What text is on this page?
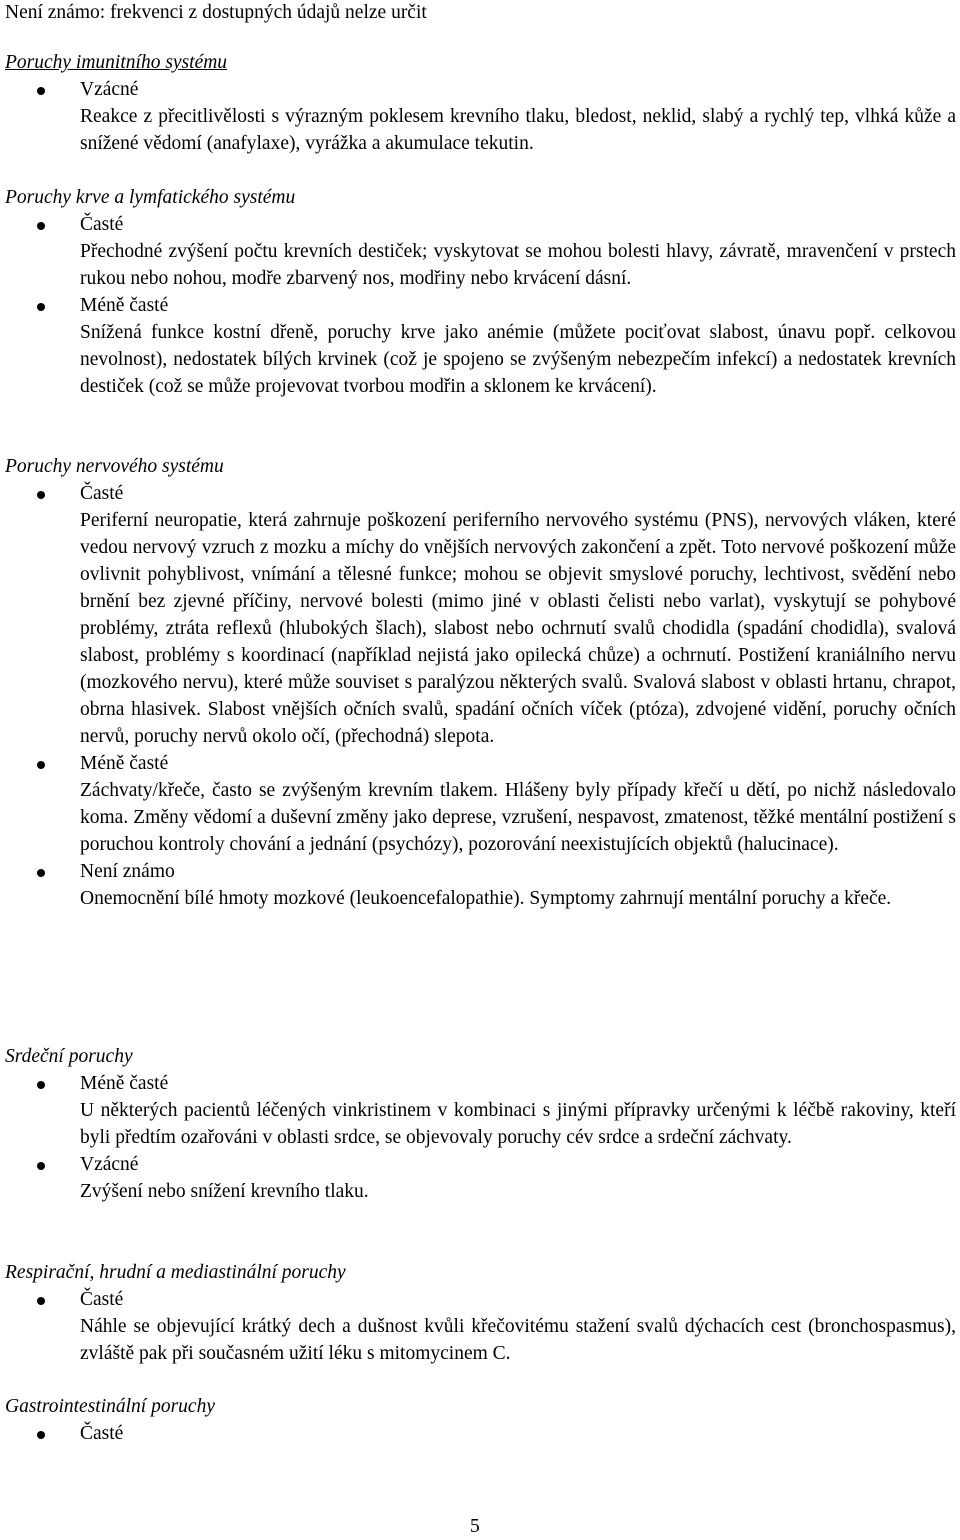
Není známo: frekvenci z dostupných údajů nelze určit

Poruchy imunitního systému

Vzácné

Reakce z přecitlivělosti s výrazným poklesem krevního tlaku, bledost, neklid, slabý a rychlý tep, vlhká kůže a snížené vědomí (anafylaxe), vyrážka a akumulace tekutin.

Poruchy krve a lymfatického systému

Časté

Přechodné zvýšení počtu krevních destiček; vyskytovat se mohou bolesti hlavy, závratě, mravenčení v prstech rukou nebo nohou, modře zbarvený nos, modřiny nebo krvácení dásní.

Méně časté

Snížená funkce kostní dřeně, poruchy krve jako anémie (můžete pociťovat slabost, únavu popř. celkovou nevolnost), nedostatek bílých krvinek (což je spojeno se zvýšeným nebezpečím infekcí) a nedostatek krevních destiček (což se může projevovat tvorbou modřin a sklonem ke krvácení).

Poruchy nervového systému

Časté

Periferní neuropatie, která zahrnuje poškození periferního nervového systému (PNS), nervových vláken, které vedou nervový vzruch z mozku a míchy do vnějších nervových zakončení a zpět. Toto nervové poškození může ovlivnit pohyblivost, vnímání a tělesné funkce; mohou se objevit smyslové poruchy, lechtivost, svědění nebo brnění bez zjevné příčiny, nervové bolesti (mimo jiné v oblasti čelisti nebo varlat), vyskytují se pohybové problémy, ztráta reflexů (hlubokých šlach), slabost nebo ochrnutí svalů chodidla (spadání chodidla), svalová slabost, problémy s koordinací (například nejistá jako opilecká chůze) a ochrnutí. Postižení kraniálního nervu (mozkového nervu), které může souviset s paralýzou některých svalů. Svalová slabost v oblasti hrtanu, chrapot, obrna hlasivek. Slabost vnějších očních svalů, spadání očních víček (ptóza), zdvojené vidění, poruchy očních nervů, poruchy nervů okolo očí, (přechodná) slepota.

Méně časté

Záchvaty/křeče, často se zvýšeným krevním tlakem. Hlášeny byly případy křečí u dětí, po nichž následovalo koma. Změny vědomí a duševní změny jako deprese, vzrušení, nespavost, zmatenost, těžké mentální postižení s poruchou kontroly chování a jednání (psychózy), pozorování neexistujících objektů (halucinace).

Není známo

Onemocnění bílé hmoty mozkové (leukoencefalopathie). Symptomy zahrnují mentální poruchy a křeče.

Srdeční poruchy

Méně časté

U některých pacientů léčených vinkristinem v kombinaci s jinými přípravky určenými k léčbě rakoviny, kteří byli předtím ozařováni v oblasti srdce, se objevovaly poruchy cév srdce a srdeční záchvaty.

Vzácné

Zvýšení nebo snížení krevního tlaku.

Respirační, hrudní a mediastinální poruchy

Časté

Náhle se objevující krátký dech a dušnost kvůli křečovitému stažení svalů dýchacích cest (bronchospasmus), zvláště pak při současném užití léku s mitomycinem C.

Gastrointestinální poruchy

Časté

5
